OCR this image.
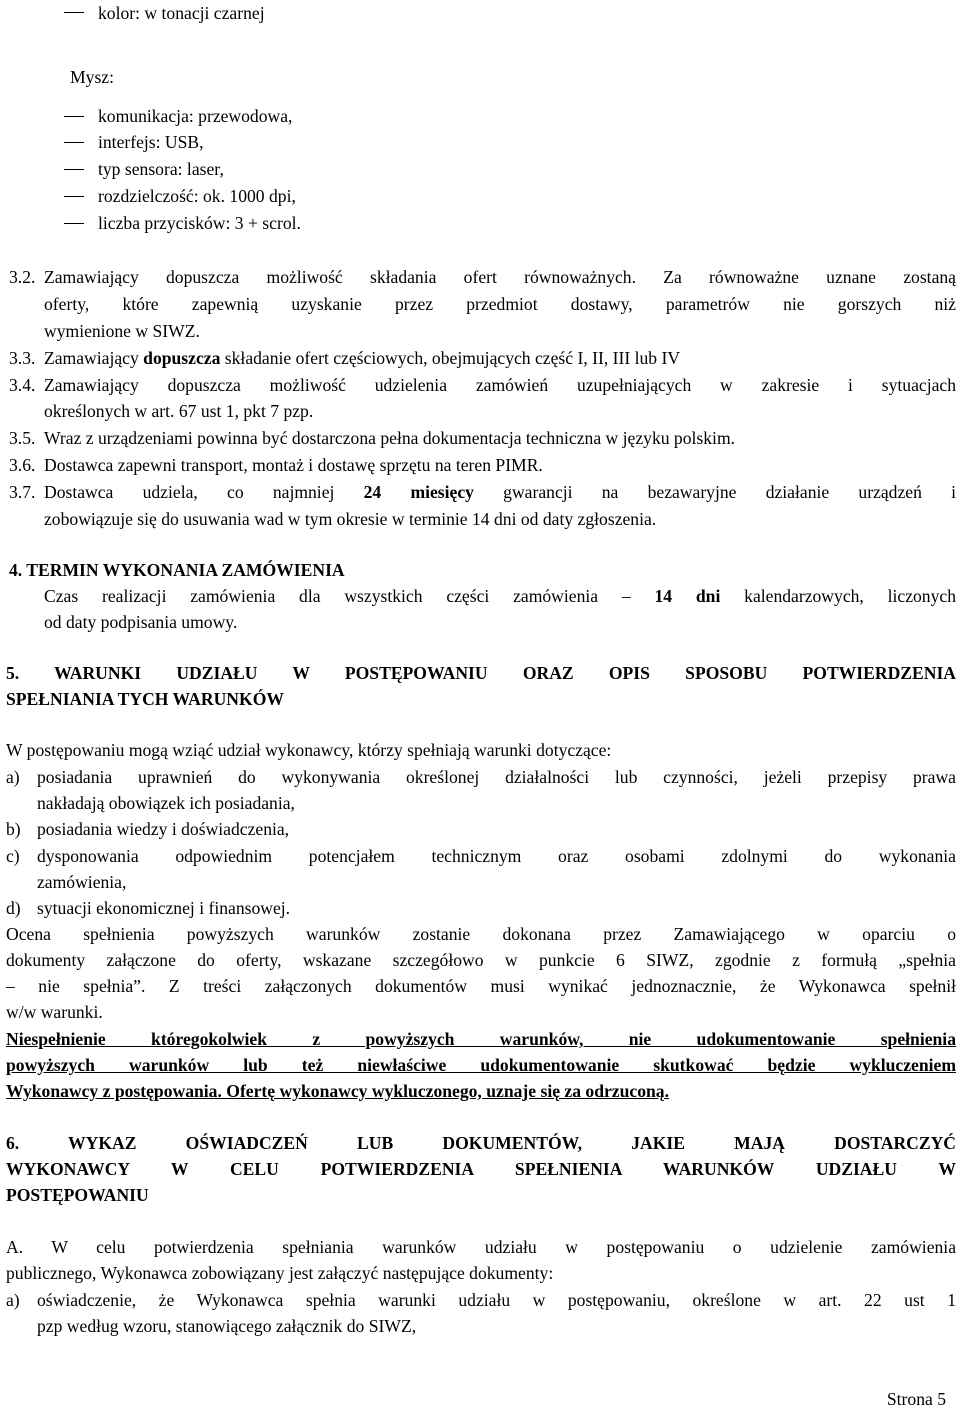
kolor: w tonacji czarnej
Mysz:
komunikacja: przewodowa,
interfejs: USB,
typ sensora: laser,
rozdzielczość: ok. 1000 dpi,
liczba przycisków: 3 + scrol.
3.2. Zamawiający dopuszcza możliwość składania ofert równoważnych. Za równoważne uznane zostaną
oferty, które zapewnią uzyskanie przez przedmiot dostawy, parametrów nie gorszych niż
wymienione w SIWZ.
3.3. Zamawiający dopuszcza składanie ofert częściowych, obejmujących część I, II, III lub IV
3.4. Zamawiający dopuszcza możliwość udzielenia zamówień uzupełniających w zakresie i sytuacjach
określonych w art. 67 ust 1, pkt 7 pzp.
3.5. Wraz z urządzeniami powinna być dostarczona pełna dokumentacja techniczna w języku polskim.
3.6. Dostawca zapewni transport, montaż i dostawę sprzętu na teren PIMR.
3.7. Dostawca udziela, co najmniej 24 miesięcy gwarancji na bezawaryjne działanie urządzeń i
zobowiązuje się do usuwania wad w tym okresie w terminie 14 dni od daty zgłoszenia.
4. TERMIN WYKONANIA ZAMÓWIENIA
Czas realizacji zamówienia dla wszystkich części zamówienia – 14 dni kalendarzowych, liczonych
od daty podpisania umowy.
5. WARUNKI UDZIAŁU W POSTĘPOWANIU ORAZ OPIS SPOSOBU POTWIERDZENIA
SPEŁNIANIA TYCH WARUNKÓW
W postępowaniu mogą wziąć udział wykonawcy, którzy spełniają warunki dotyczące:
a) posiadania uprawnień do wykonywania określonej działalności lub czynności, jeżeli przepisy prawa
nakładają obowiązek ich posiadania,
b) posiadania wiedzy i doświadczenia,
c) dysponowania odpowiednim potencjałem technicznym oraz osobami zdolnymi do wykonania
zamówienia,
d) sytuacji ekonomicznej i finansowej.
Ocena spełnienia powyższych warunków zostanie dokonana przez Zamawiającego w oparciu o
dokumenty załączone do oferty, wskazane szczegółowo w punkcie 6 SIWZ, zgodnie z formułą „spełnia
– nie spełnia”. Z treści załączonych dokumentów musi wynikać jednoznacznie, że Wykonawca spełnił
w/w warunki.
Niespełnienie któregokolwiek z powyższych warunków, nie udokumentowanie spełnienia
powyższych warunków lub też niewłaściwe udokumentowanie skutkować będzie wykluczeniem
Wykonawcy z postępowania. Ofertę wykonawcy wykluczonego, uznaje się za odrzuconą.
6. WYKAZ OŚWIADCZEŃ LUB DOKUMENTÓW, JAKIE MAJĄ DOSTARCZYĆ
WYKONAWCY W CELU POTWIERDZENIA SPEŁNIENIA WARUNKÓW UDZIAŁU W
POSTĘPOWANIU
A. W celu potwierdzenia spełniania warunków udziału w postępowaniu o udzielenie zamówienia
publicznego, Wykonawca zobowiązany jest załączyć następujące dokumenty:
a) oświadczenie, że Wykonawca spełnia warunki udziału w postępowaniu, określone w art. 22 ust 1
pzp według wzoru, stanowiącego załącznik do SIWZ,
Strona 5
